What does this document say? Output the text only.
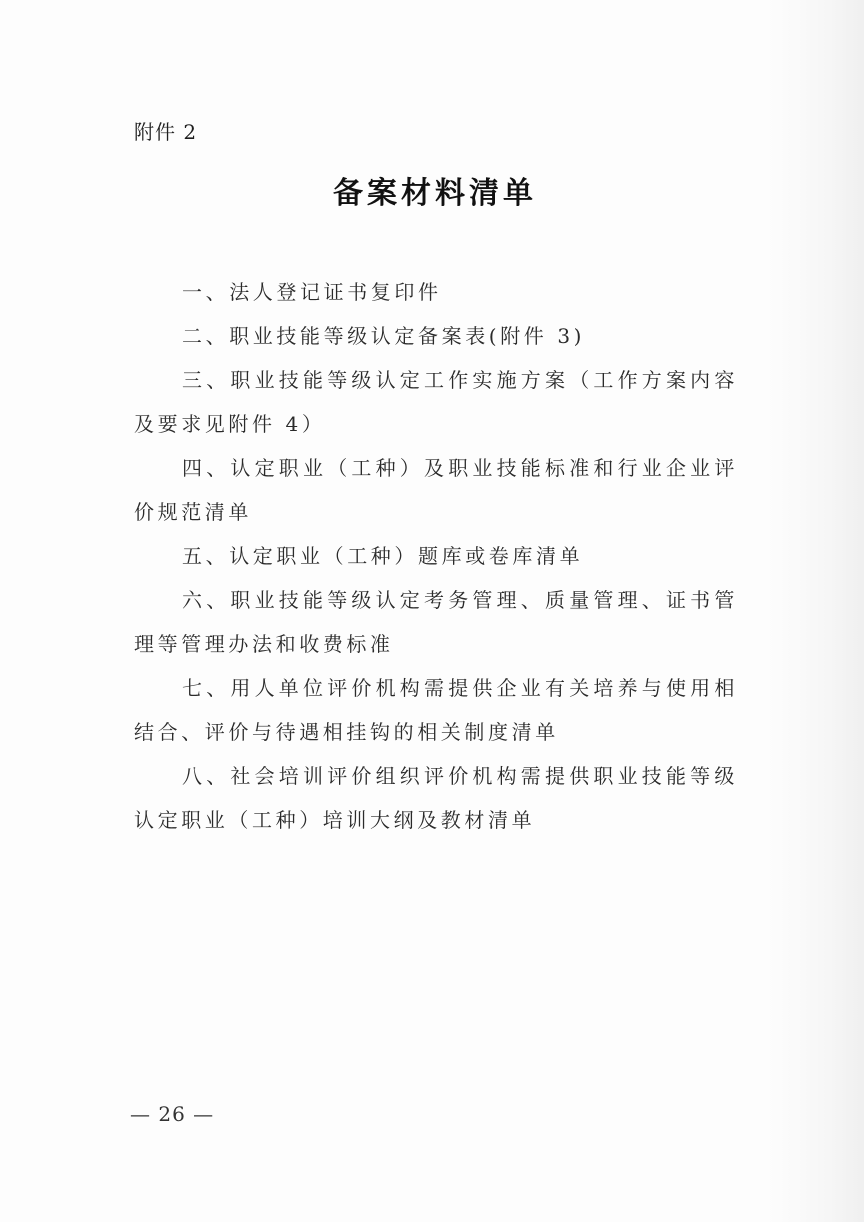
附件 2
备案材料清单
一、法人登记证书复印件
二、职业技能等级认定备案表(附件 3)
三、职业技能等级认定工作实施方案（工作方案内容及要求见附件 4）
四、认定职业（工种）及职业技能标准和行业企业评价规范清单
五、认定职业（工种）题库或卷库清单
六、职业技能等级认定考务管理、质量管理、证书管理等管理办法和收费标准
七、用人单位评价机构需提供企业有关培养与使用相结合、评价与待遇相挂钩的相关制度清单
八、社会培训评价组织评价机构需提供职业技能等级认定职业（工种）培训大纲及教材清单
— 26 —
